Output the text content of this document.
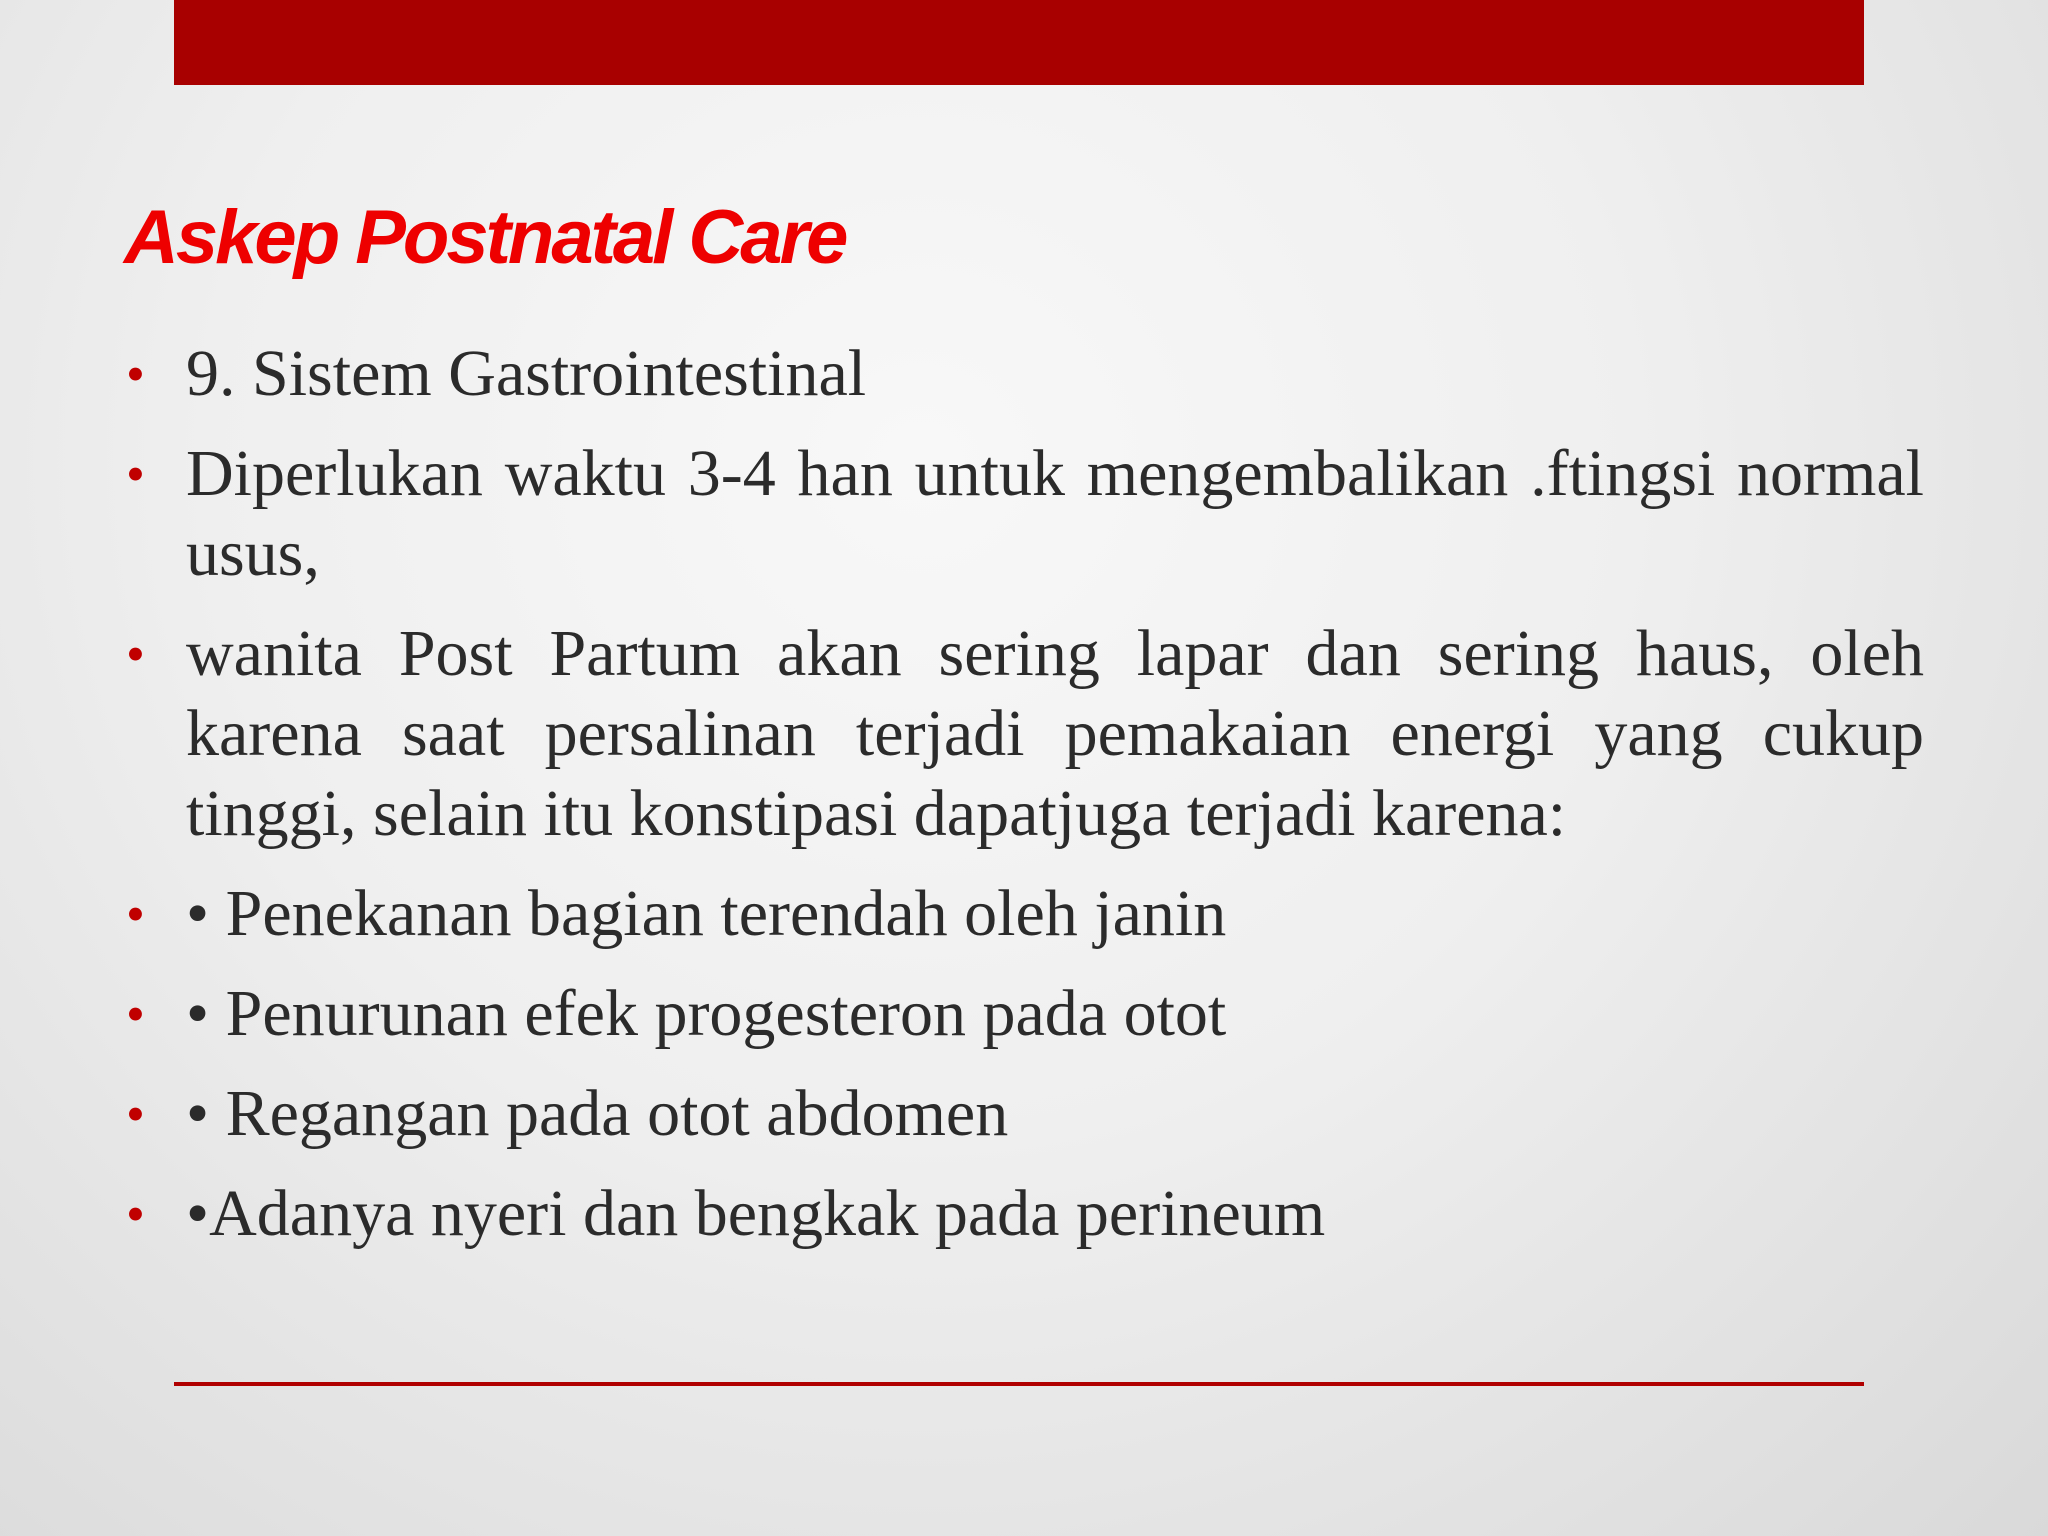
Askep Postnatal Care
• 9. Sistem Gastrointestinal
• Diperlukan waktu 3-4 han untuk mengembalikan .ftingsi normal usus,
• wanita Post Partum akan sering lapar dan sering haus, oleh karena saat persalinan terjadi pemakaian energi yang cukup tinggi, selain itu konstipasi dapatjuga terjadi karena:
• • Penekanan bagian terendah oleh janin
• • Penurunan efek progesteron pada otot
• • Regangan pada otot abdomen
• •Adanya nyeri dan bengkak pada perineum
